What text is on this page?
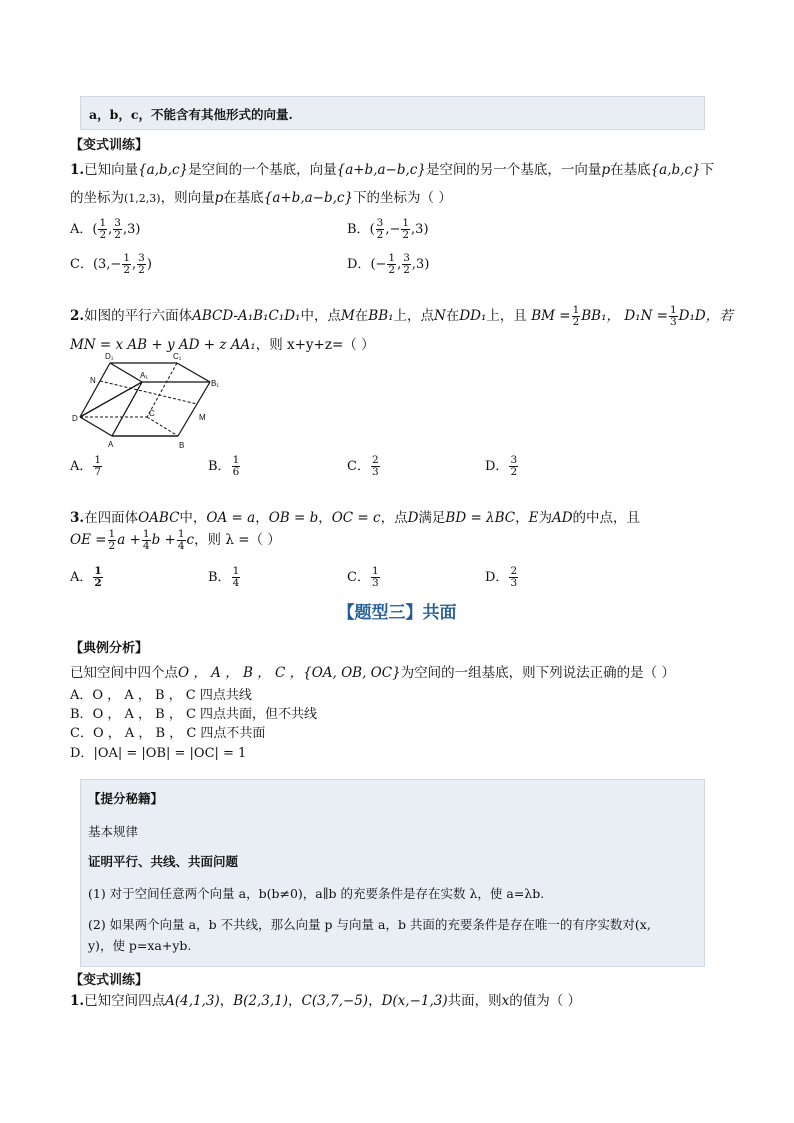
a，b，c，不能含有其他形式的向量.
【变式训练】
1.已知向量{a,b,c}是空间的一个基底，向量{a+b,a−b,c}是空间的另一个基底，一向量p在基底{a,b,c}下
的坐标为(1,2,3)，则向量p在基底{a+b,a−b,c}下的坐标为（ ）
A．( $\frac{1}{2}$ , $\frac{3}{2} ,3$)	B．( $\frac{3}{2}$ ,− $\frac{1}{2} ,3$)
C．($3,- \frac{1}{2}$ , $\frac{3}{2}$ )	D．(− $\frac{1}{2}$ , $\frac{3}{2} ,3$)
2.如图的平行六面体ABCD-A₁B₁C₁D₁中，点M在BB₁上，点N在DD₁上，且 BM = $\frac{1}{2} BB_1$， $D_1N = \frac{1}{3} D_1D$，若
MN = x AB + y AD + z AA₁，则 x+y+z=（ ）
D₁	C₁
N
A₁
B₁
D
C	M
A	B
A． $\frac{1}{7}$	B． $\frac{1}{6}$	C． $\frac{2}{3}$	D． $\frac{3}{2}$
3.在四面体OABC中，OA = a，OB = b，OC = c，点D满足BD = λBC，E为AD的中点，且
OE = $\frac{1}{2}$ $a + \frac{1}{4}$ $b + \frac{1}{4}$ c，则 λ =（ ）
A． $\frac{1}{2}$	B． $\frac{1}{4}$	C． $\frac{1}{3}$	D． $\frac{2}{3}$
【题型三】共面
【典例分析】
已知空间中四个点O ， A ， B ， C ，{OA, OB, OC}为空间的一组基底，则下列说法正确的是（ ）
A．O ， A ， B ， C 四点共线
B．O ， A ， B ， C 四点共面，但不共线
C．O ， A ， B ， C 四点不共面
D．|OA| = |OB| = |OC| = 1
【提分秘籍】
基本规律
证明平行、共线、共面问题
(1) 对于空间任意两个向量 a，b(b≠0)，a∥b 的充要条件是存在实数 λ，使 a=λb.
(2) 如果两个向量 a，b 不共线，那么向量 p 与向量 a，b 共面的充要条件是存在唯一的有序实数对(x,
y)，使 p=xa+yb.
【变式训练】
1.已知空间四点A(4,1,3)，B(2,3,1)，C(3,7,−5)，D(x,−1,3)共面，则x的值为（ ）
